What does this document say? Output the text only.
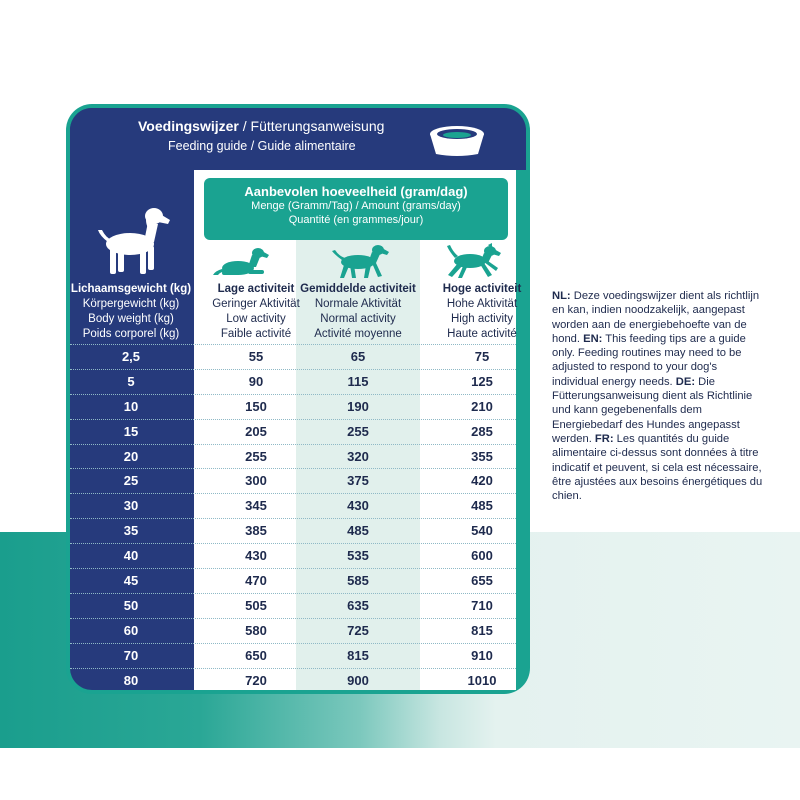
Voedingswijzer / Fütterungsanweisung
Feeding guide / Guide alimentaire
Aanbevolen hoeveelheid (gram/dag)
Menge (Gramm/Tag) / Amount (grams/day)
Quantité (en grammes/jour)
Lichaamsgewicht (kg)
Körpergewicht (kg)
Body weight (kg)
Poids corporel (kg)
Lage activiteit
Geringer Aktivität
Low activity
Faible activité
Gemiddelde activiteit
Normale Aktivität
Normal activity
Activité moyenne
Hoge activiteit
Hohe Aktivität
High activity
Haute activité
2,5	55	65	75
5	90	115	125
10	150	190	210
15	205	255	285
20	255	320	355
25	300	375	420
30	345	430	485
35	385	485	540
40	430	535	600
45	470	585	655
50	505	635	710
60	580	725	815
70	650	815	910
80	720	900	1010
NL: Deze voedingswijzer dient als richtlijn en kan, indien noodzakelijk, aangepast worden aan de energiebehoefte van de hond. EN: This feeding tips are a guide only. Feeding routines may need to be adjusted to respond to your dog's individual energy needs. DE: Die Fütterungsanweisung dient als Richtlinie und kann gegebenenfalls dem Energiebedarf des Hundes angepasst werden. FR: Les quantités du guide alimentaire ci-dessus sont données à titre indicatif et peuvent, si cela est nécessaire, être ajustées aux besoins énergétiques du chien.
